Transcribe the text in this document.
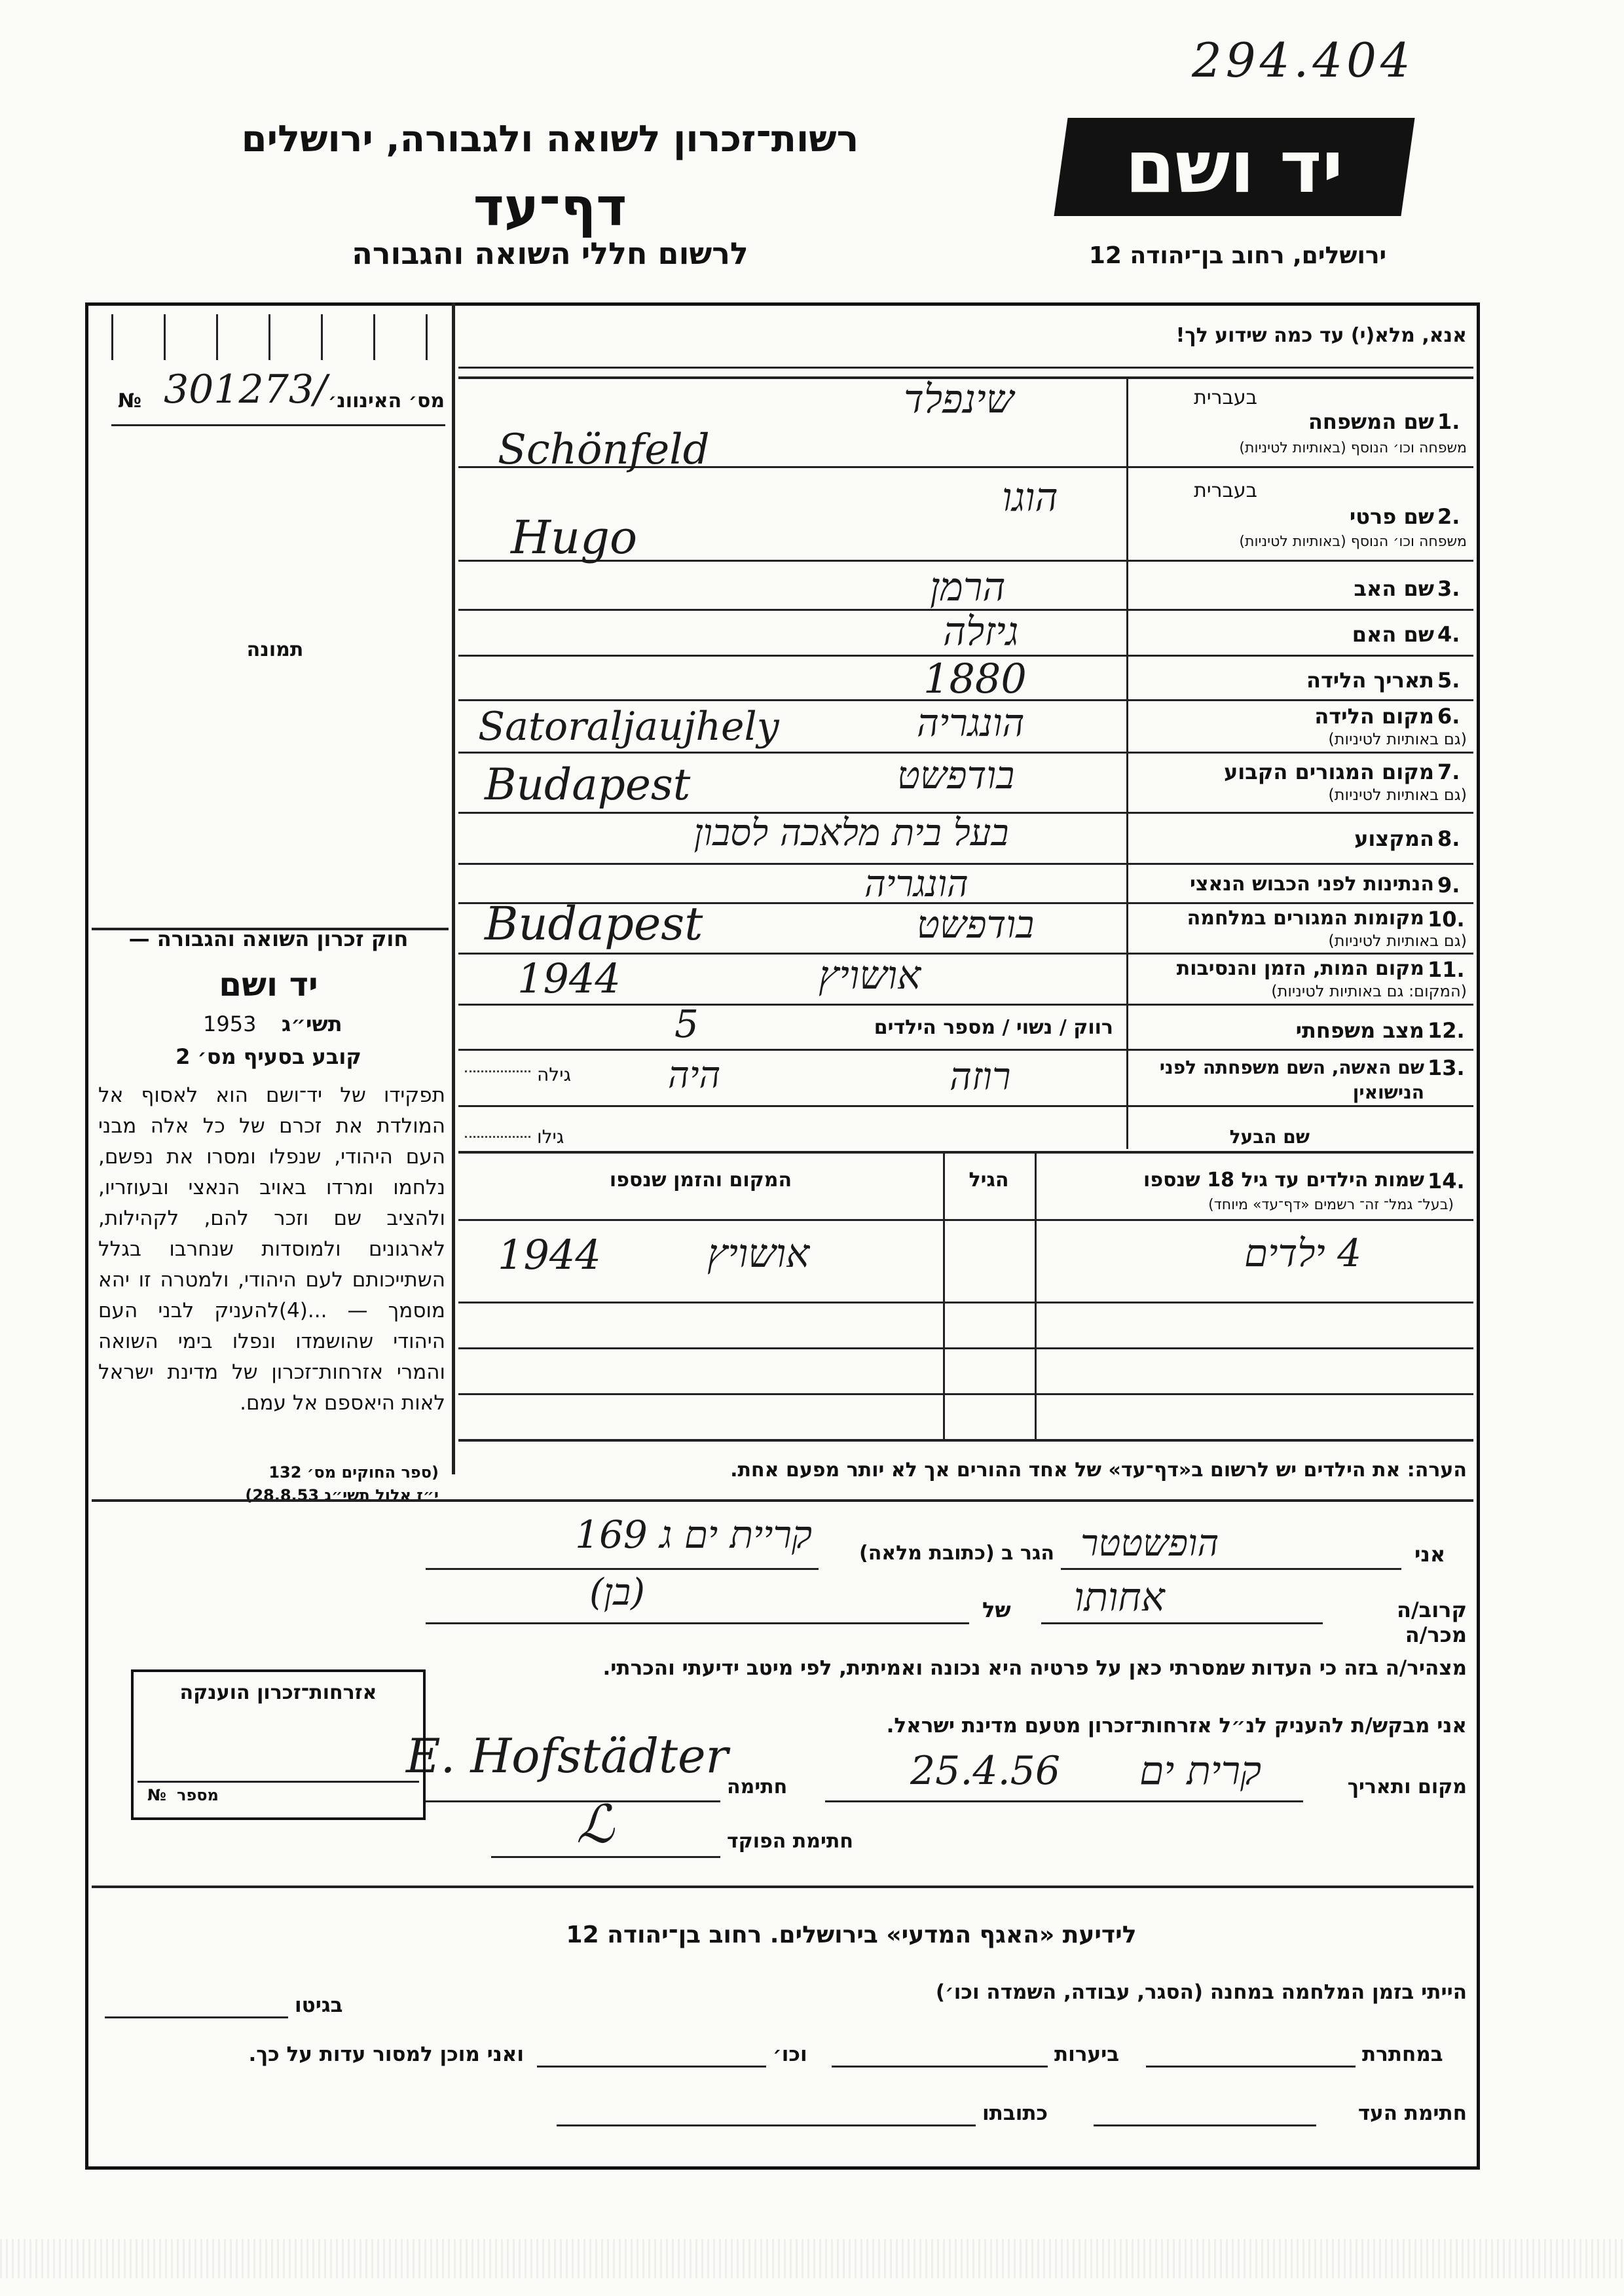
294.404
רשות־זכרון לשואה ולגבורה, ירושלים
דף־עד
לרשום חללי השואה והגבורה
יד ושם
ירושלים, רחוב בן־יהודה 12
מס׳ האינוונ׳
№ 301273/
תמונה
חוק זכרון השואה והגבורה —
יד ושם
תשי״ג
1953
קובע בסעיף מס׳ 2
תפקידו של יד־ושם הוא לאסוף אל המולדת את זכרם של כל אלה מבני העם היהודי, שנפלו ומסרו את נפשם, נלחמו ומרדו באויב הנאצי ובעוזריו, ולהציב שם וזכר להם, לקהילות, לארגונים ולמוסדות שנחרבו בגלל השתייכותם לעם היהודי, ולמטרה זו יהא מוסמך — ...(4)להעניק לבני העם היהודי שהושמדו ונפלו בימי השואה והמרי אזרחות־זכרון של מדינת ישראל לאות היאספם אל עמם.
(ספר החוקים מס׳ 132
י״ז אלול תשי״ג 28.8.53)
אנא, מלא(י) עד כמה שידוע לך!
1.
שם המשפחה
בעברית
משפחה וכו׳ הנוסף (באותיות לטיניות)
שינפלד
Schönfeld
2.
שם פרטי
בעברית
משפחה וכו׳ הנוסף (באותיות לטיניות)
הוגו
Hugo
3.
שם האב
הרמן
4.
שם האם
גיזלה
5.
תאריך הלידה
1880
6.
מקום הלידה
(גם באותיות לטיניות)
הונגריה
Satoraljaujhely
7.
מקום המגורים הקבוע
(גם באותיות לטיניות)
בודפשט
Budapest
8.
המקצוע
בעל בית מלאכה לסבון
9.
הנתינות לפני הכבוש הנאצי
הונגריה
10.
מקומות המגורים במלחמה
(גם באותיות לטיניות)
בודפשט
Budapest
11.
מקום המות, הזמן והנסיבות
(המקום: גם באותיות לטיניות)
אושויץ
1944
12.
מצב משפחתי
רווק / נשוי / מספר הילדים
5
13.
שם האשה, השם משפחתה לפני הנישואין
רוזה
היה
גילה
שם הבעל
גילו
14.
שמות הילדים עד גיל 18 שנספו
(בעל־ גמל־ זה־ רשמים «דף־עד» מיוחד)
הגיל
המקום והזמן שנספו
4 ילדים
אושויץ
1944
הערה: את הילדים יש לרשום ב«דף־עד» של אחד ההורים אך לא יותר מפעם אחת.
אני
הופשטטר
הגר ב (כתובת מלאה)
קריית ים ג 169
קרוב/ה מכר/ה
אחותו
של
(בן)
מצהיר/ה בזה כי העדות שמסרתי כאן על פרטיה היא נכונה ואמיתית, לפי מיטב ידיעתי והכרתי.
אני מבקש/ת להעניק לנ״ל אזרחות־זכרון מטעם מדינת ישראל.
מקום ותאריך
קרית ים
25.4.56
חתימה
E. Hofstädter
חתימת הפוקד
ℒ
אזרחות־זכרון הוענקה
מספר
№
לידיעת «האגף המדעי» בירושלים. רחוב בן־יהודה 12
הייתי בזמן המלחמה במחנה (הסגר, עבודה, השמדה וכו׳)
בגיטו
במחתרת
ביערות
וכו׳
ואני מוכן למסור עדות על כך.
חתימת העד
כתובתו
